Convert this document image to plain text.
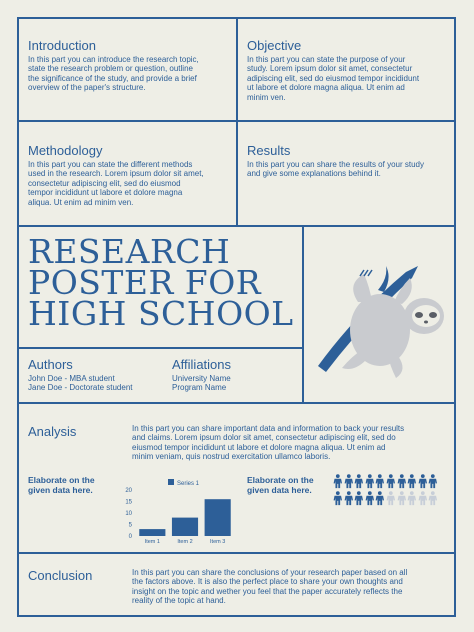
Introduction
In this part you can introduce the research topic,
state the research problem or question, outline
the significance of the study, and provide a brief
overview of the paper's structure.
Objective
In this part you can state the purpose of your
study. Lorem ipsum dolor sit amet, consectetur
adipiscing elit, sed do eiusmod tempor incididunt
ut labore et dolore magna aliqua. Ut enim ad
minim ven.
Methodology
In this part you can state the different methods
used in the research. Lorem ipsum dolor sit amet,
consectetur adipiscing elit, sed do eiusmod
tempor incididunt ut labore et dolore magna
aliqua. Ut enim ad minim ven.
Results
In this part you can share the results of your study
and give some explanations behind it.
RESEARCH
POSTER FOR
HIGH SCHOOL
Authors
John Doe - MBA student
Jane Doe - Doctorate student
Affiliations
University Name
Program Name
Analysis	In this part you can share important data and information to back your results
and claims. Lorem ipsum dolor sit amet, consectetur adipiscing elit, sed do
eiusmod tempor incididunt ut labore et dolore magna aliqua. Ut enim ad
minim veniam, quis nostrud exercitation ullamco laboris.
Elaborate on the
given data here.
Elaborate on the
given data here.
Series 1
0
5
10
15
20
Item 1	Item 2	Item 3
Conclusion	In this part you can share the conclusions of your research paper based on all
the factors above. It is also the perfect place to share your own thoughts and
insight on the topic and wether you feel that the paper accurately reflects the
reality of the topic at hand.
